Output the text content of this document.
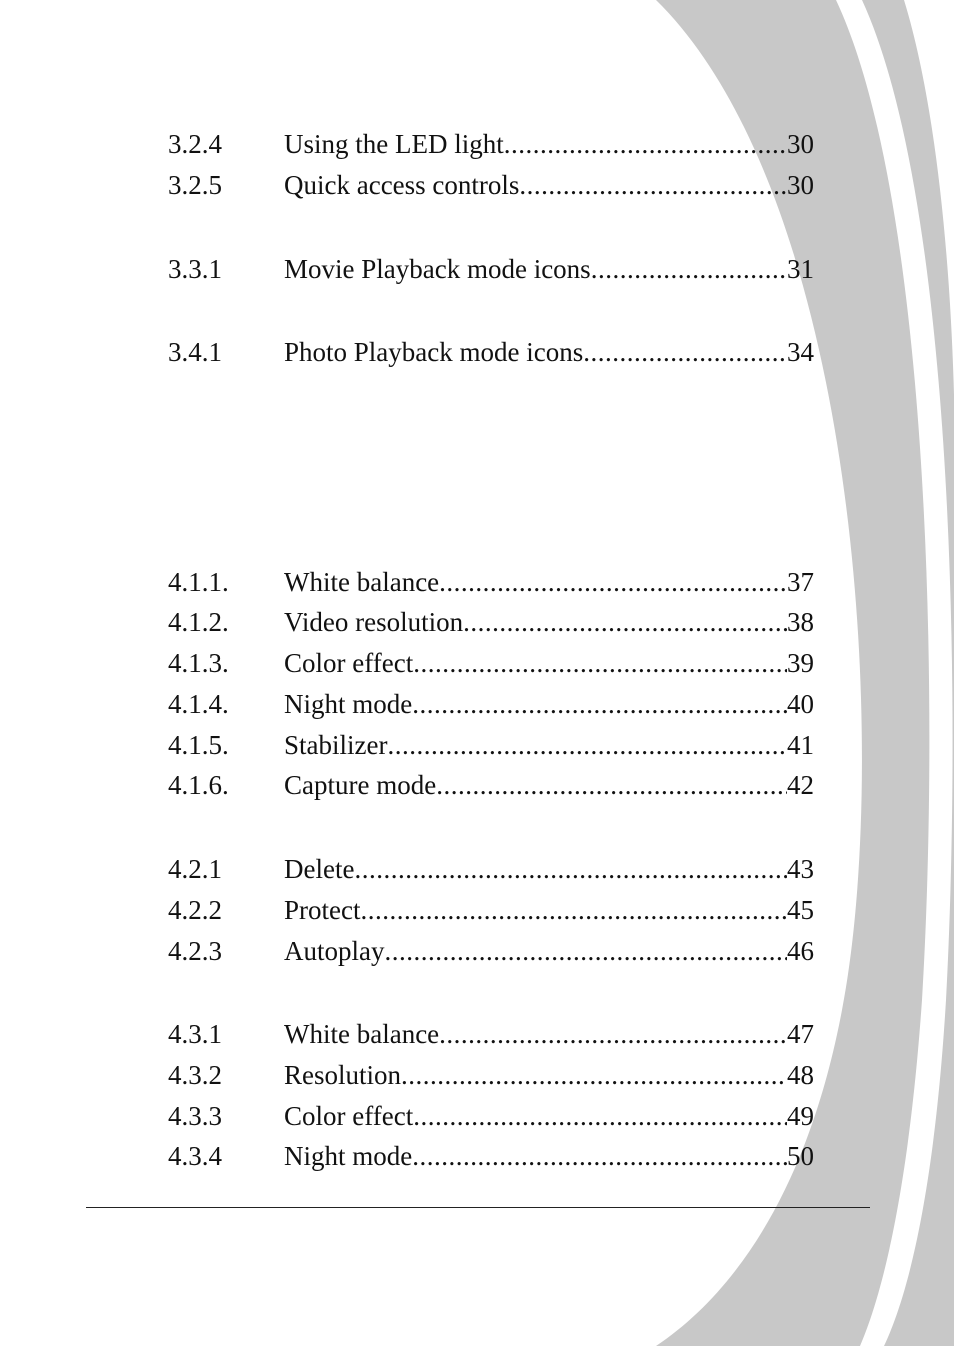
3.2.4	Using the LED light .....	30
3.2.5	Quick access controls .....	30
3.3.1	Movie Playback mode icons .....	31
3.4.1	Photo Playback mode icons .....	34
4.1.1.	White balance .....	37
4.1.2.	Video resolution .....	38
4.1.3.	Color effect .....	39
4.1.4.	Night mode .....	40
4.1.5.	Stabilizer .....	41
4.1.6.	Capture mode .....	42
4.2.1	Delete .....	43
4.2.2	Protect .....	45
4.2.3	Autoplay .....	46
4.3.1	White balance .....	47
4.3.2	Resolution .....	48
4.3.3	Color effect .....	49
4.3.4	Night mode .....	50
